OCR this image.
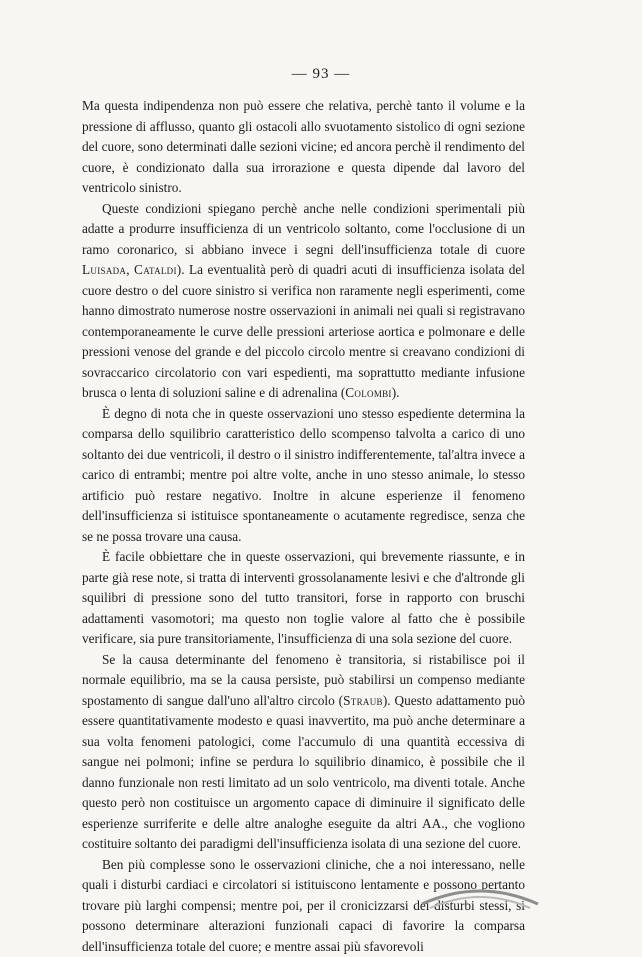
— 93 —

Ma questa indipendenza non può essere che relativa, perchè tanto il volume e la pressione di afflusso, quanto gli ostacoli allo svuotamento sistolico di ogni sezione del cuore, sono determinati dalle sezioni vicine; ed ancora perchè il rendimento del cuore, è condizionato dalla sua irrorazione e questa dipende dal lavoro del ventricolo sinistro.

Queste condizioni spiegano perchè anche nelle condizioni sperimentali più adatte a produrre insufficienza di un ventricolo soltanto, come l'occlusione di un ramo coronarico, si abbiano invece i segni dell'insufficienza totale di cuore Luisada, Cataldi). La eventualità però di quadri acuti di insufficienza isolata del cuore destro o del cuore sinistro si verifica non raramente negli esperimenti, come hanno dimostrato numerose nostre osservazioni in animali nei quali si registravano contemporaneamente le curve delle pressioni arteriose aortica e polmonare e delle pressioni venose del grande e del piccolo circolo mentre si creavano condizioni di sovraccarico circolatorio con vari espedienti, ma soprattutto mediante infusione brusca o lenta di soluzioni saline e di adrenalina (Colombi).

È degno di nota che in queste osservazioni uno stesso espediente determina la comparsa dello squilibrio caratteristico dello scompenso talvolta a carico di uno soltanto dei due ventricoli, il destro o il sinistro indifferentemente, tal'altra invece a carico di entrambi; mentre poi altre volte, anche in uno stesso animale, lo stesso artificio può restare negativo. Inoltre in alcune esperienze il fenomeno dell'insufficienza si istituisce spontaneamente o acutamente regredisce, senza che se ne possa trovare una causa.

È facile obbiettare che in queste osservazioni, qui brevemente riassunte, e in parte già rese note, si tratta di interventi grossolanamente lesivi e che d'altronde gli squilibri di pressione sono del tutto transitori, forse in rapporto con bruschi adattamenti vasomotori; ma questo non toglie valore al fatto che è possibile verificare, sia pure transitoriamente, l'insufficienza di una sola sezione del cuore.

Se la causa determinante del fenomeno è transitoria, si ristabilisce poi il normale equilibrio, ma se la causa persiste, può stabilirsi un compenso mediante spostamento di sangue dall'uno all'altro circolo (Straub). Questo adattamento può essere quantitativamente modesto e quasi inavvertito, ma può anche determinare a sua volta fenomeni patologici, come l'accumulo di una quantità eccessiva di sangue nei polmoni; infine se perdura lo squilibrio dinamico, è possibile che il danno funzionale non resti limitato ad un solo ventricolo, ma diventi totale. Anche questo però non costituisce un argomento capace di diminuire il significato delle esperienze surriferite e delle altre analoghe eseguite da altri AA., che vogliono costituire soltanto dei paradigmi dell'insufficienza isolata di una sezione del cuore.

Ben più complesse sono le osservazioni cliniche, che a noi interessano, nelle quali i disturbi cardiaci e circolatori si istituiscono lentamente e possono pertanto trovare più larghi compensi; mentre poi, per il cronicizzarsi dei disturbi stessi, si possono determinare alterazioni funzionali capaci di favorire la comparsa dell'insufficienza totale del cuore; e mentre assai più sfavorevoli
